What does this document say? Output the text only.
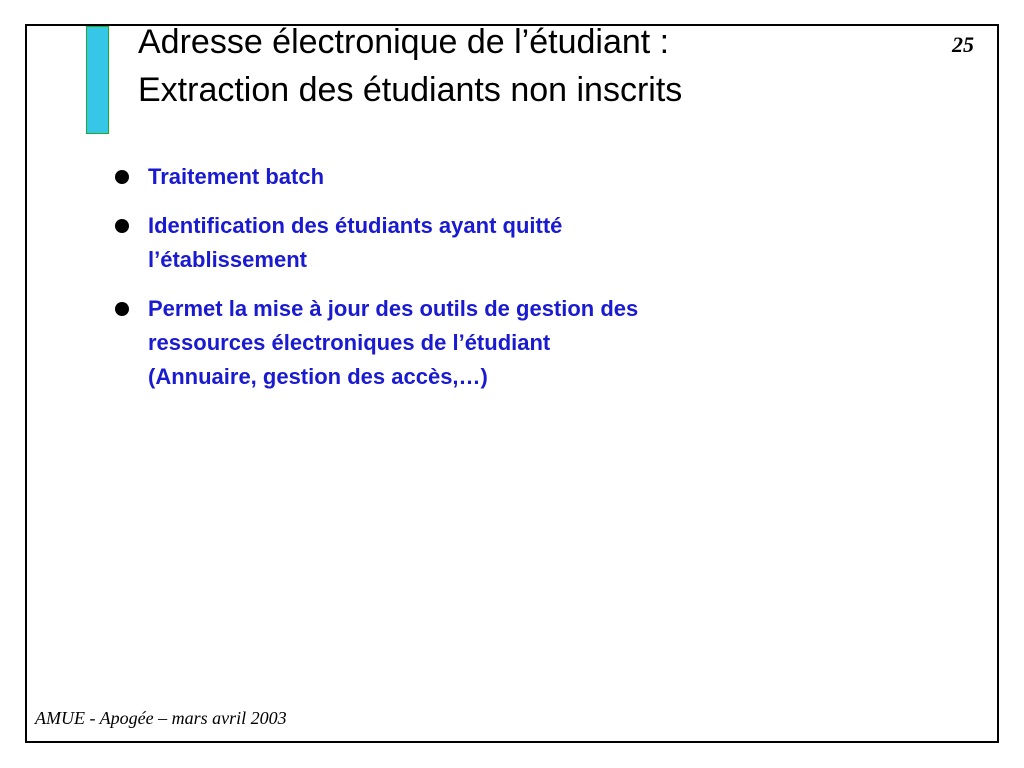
Adresse électronique de l’étudiant :
Extraction des étudiants non inscrits
25
Traitement batch
Identification des étudiants ayant quitté
l’établissement
Permet la mise à jour des outils de gestion des
ressources électroniques de l’étudiant
(Annuaire, gestion des accès,…)
AMUE - Apogée – mars avril 2003
